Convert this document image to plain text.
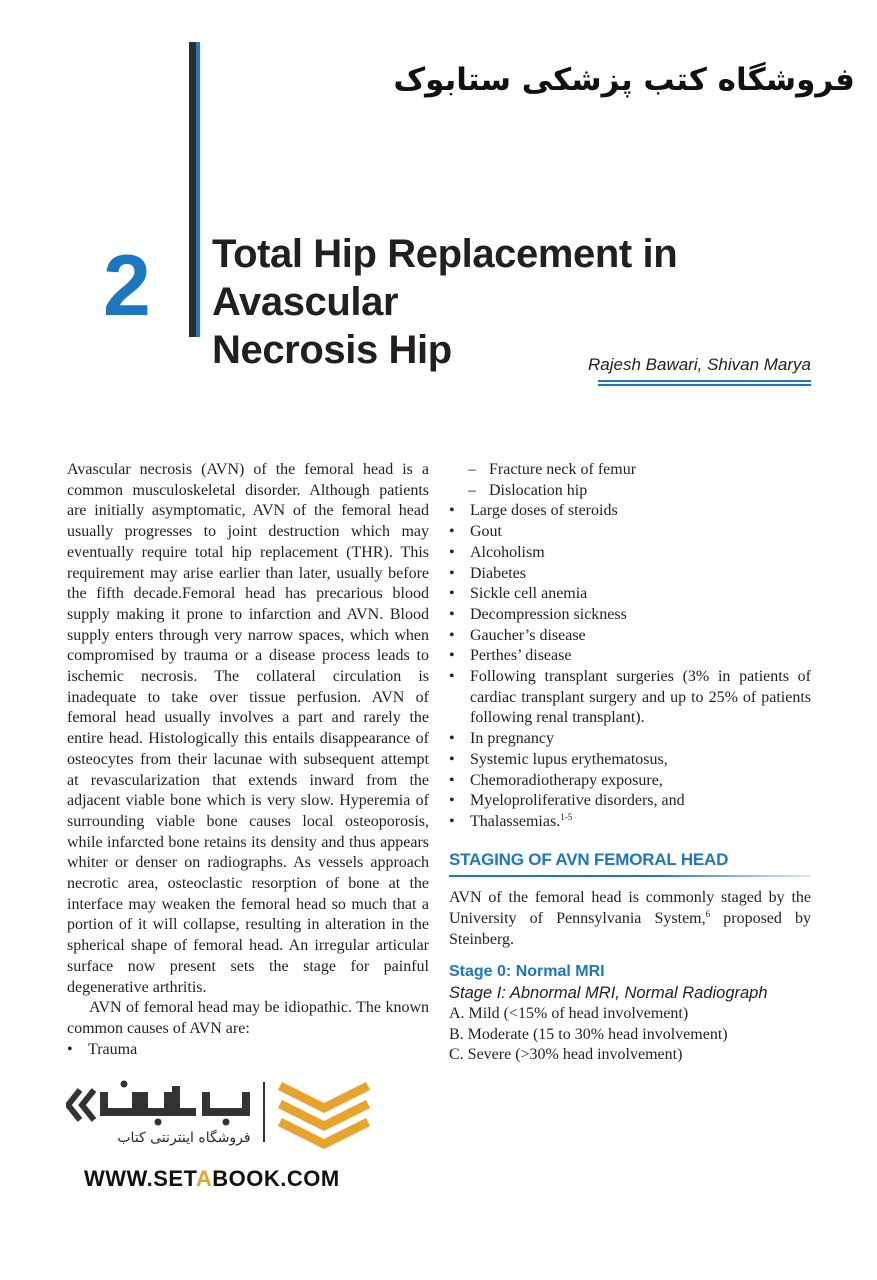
فروشگاه کتب پزشکی ستابوک
2 Total Hip Replacement in Avascular
Necrosis Hip	Rajesh Bawari, Shivan Marya

Avascular necrosis (AVN) of the femoral head is a common musculoskeletal disorder. Although patients are initially asymptomatic, AVN of the femoral head usually progresses to joint destruction which may eventually require total hip replacement (THR). This requirement may arise earlier than later, usually before the fifth decade.Femoral head has precarious blood supply making it prone to infarction and AVN. Blood supply enters through very narrow spaces, which when compromised by trauma or a disease process leads to ischemic necrosis. The collateral circulation is inadequate to take over tissue perfusion. AVN of femoral head usually involves a part and rarely the entire head. Histologically this entails disappearance of osteocytes from their lacunae with subsequent attempt at revascularization that extends inward from the adjacent viable bone which is very slow. Hyperemia of surrounding viable bone causes local osteoporosis, while infarcted bone retains its density and thus appears whiter or denser on radiographs. As vessels approach necrotic area, osteoclastic resorption of bone at the interface may weaken the femoral head so much that a portion of it will collapse, resulting in alteration in the spherical shape of femoral head. An irregular articular surface now present sets the stage for painful degenerative arthritis.

AVN of femoral head may be idiopathic. The known common causes of AVN are:

• Trauma
– Fracture neck of femur
– Dislocation hip
• Large doses of steroids
• Gout
• Alcoholism
• Diabetes
• Sickle cell anemia
• Decompression sickness
• Gaucher’s disease
• Perthes’ disease
• Following transplant surgeries (3% in patients of cardiac transplant surgery and up to 25% of patients following renal transplant).
• In pregnancy
• Systemic lupus erythematosus,
• Chemoradiotherapy exposure,
• Myeloproliferative disorders, and
• Thalassemias.$^{1-5}$
STAGING OF AVN FEMORAL HEAD

AVN of the femoral head is commonly staged by the University of Pennsylvania System,$^6$ proposed by Steinberg.

Stage 0: Normal MRI
Stage I: Abnormal MRI, Normal Radiograph
A. Mild (<15% of head involvement)
B. Moderate (15 to 30% head involvement)
C. Severe (>30% head involvement)
فروشگاه اینترنتی کتاب
WWW.SETABOOK.COM
